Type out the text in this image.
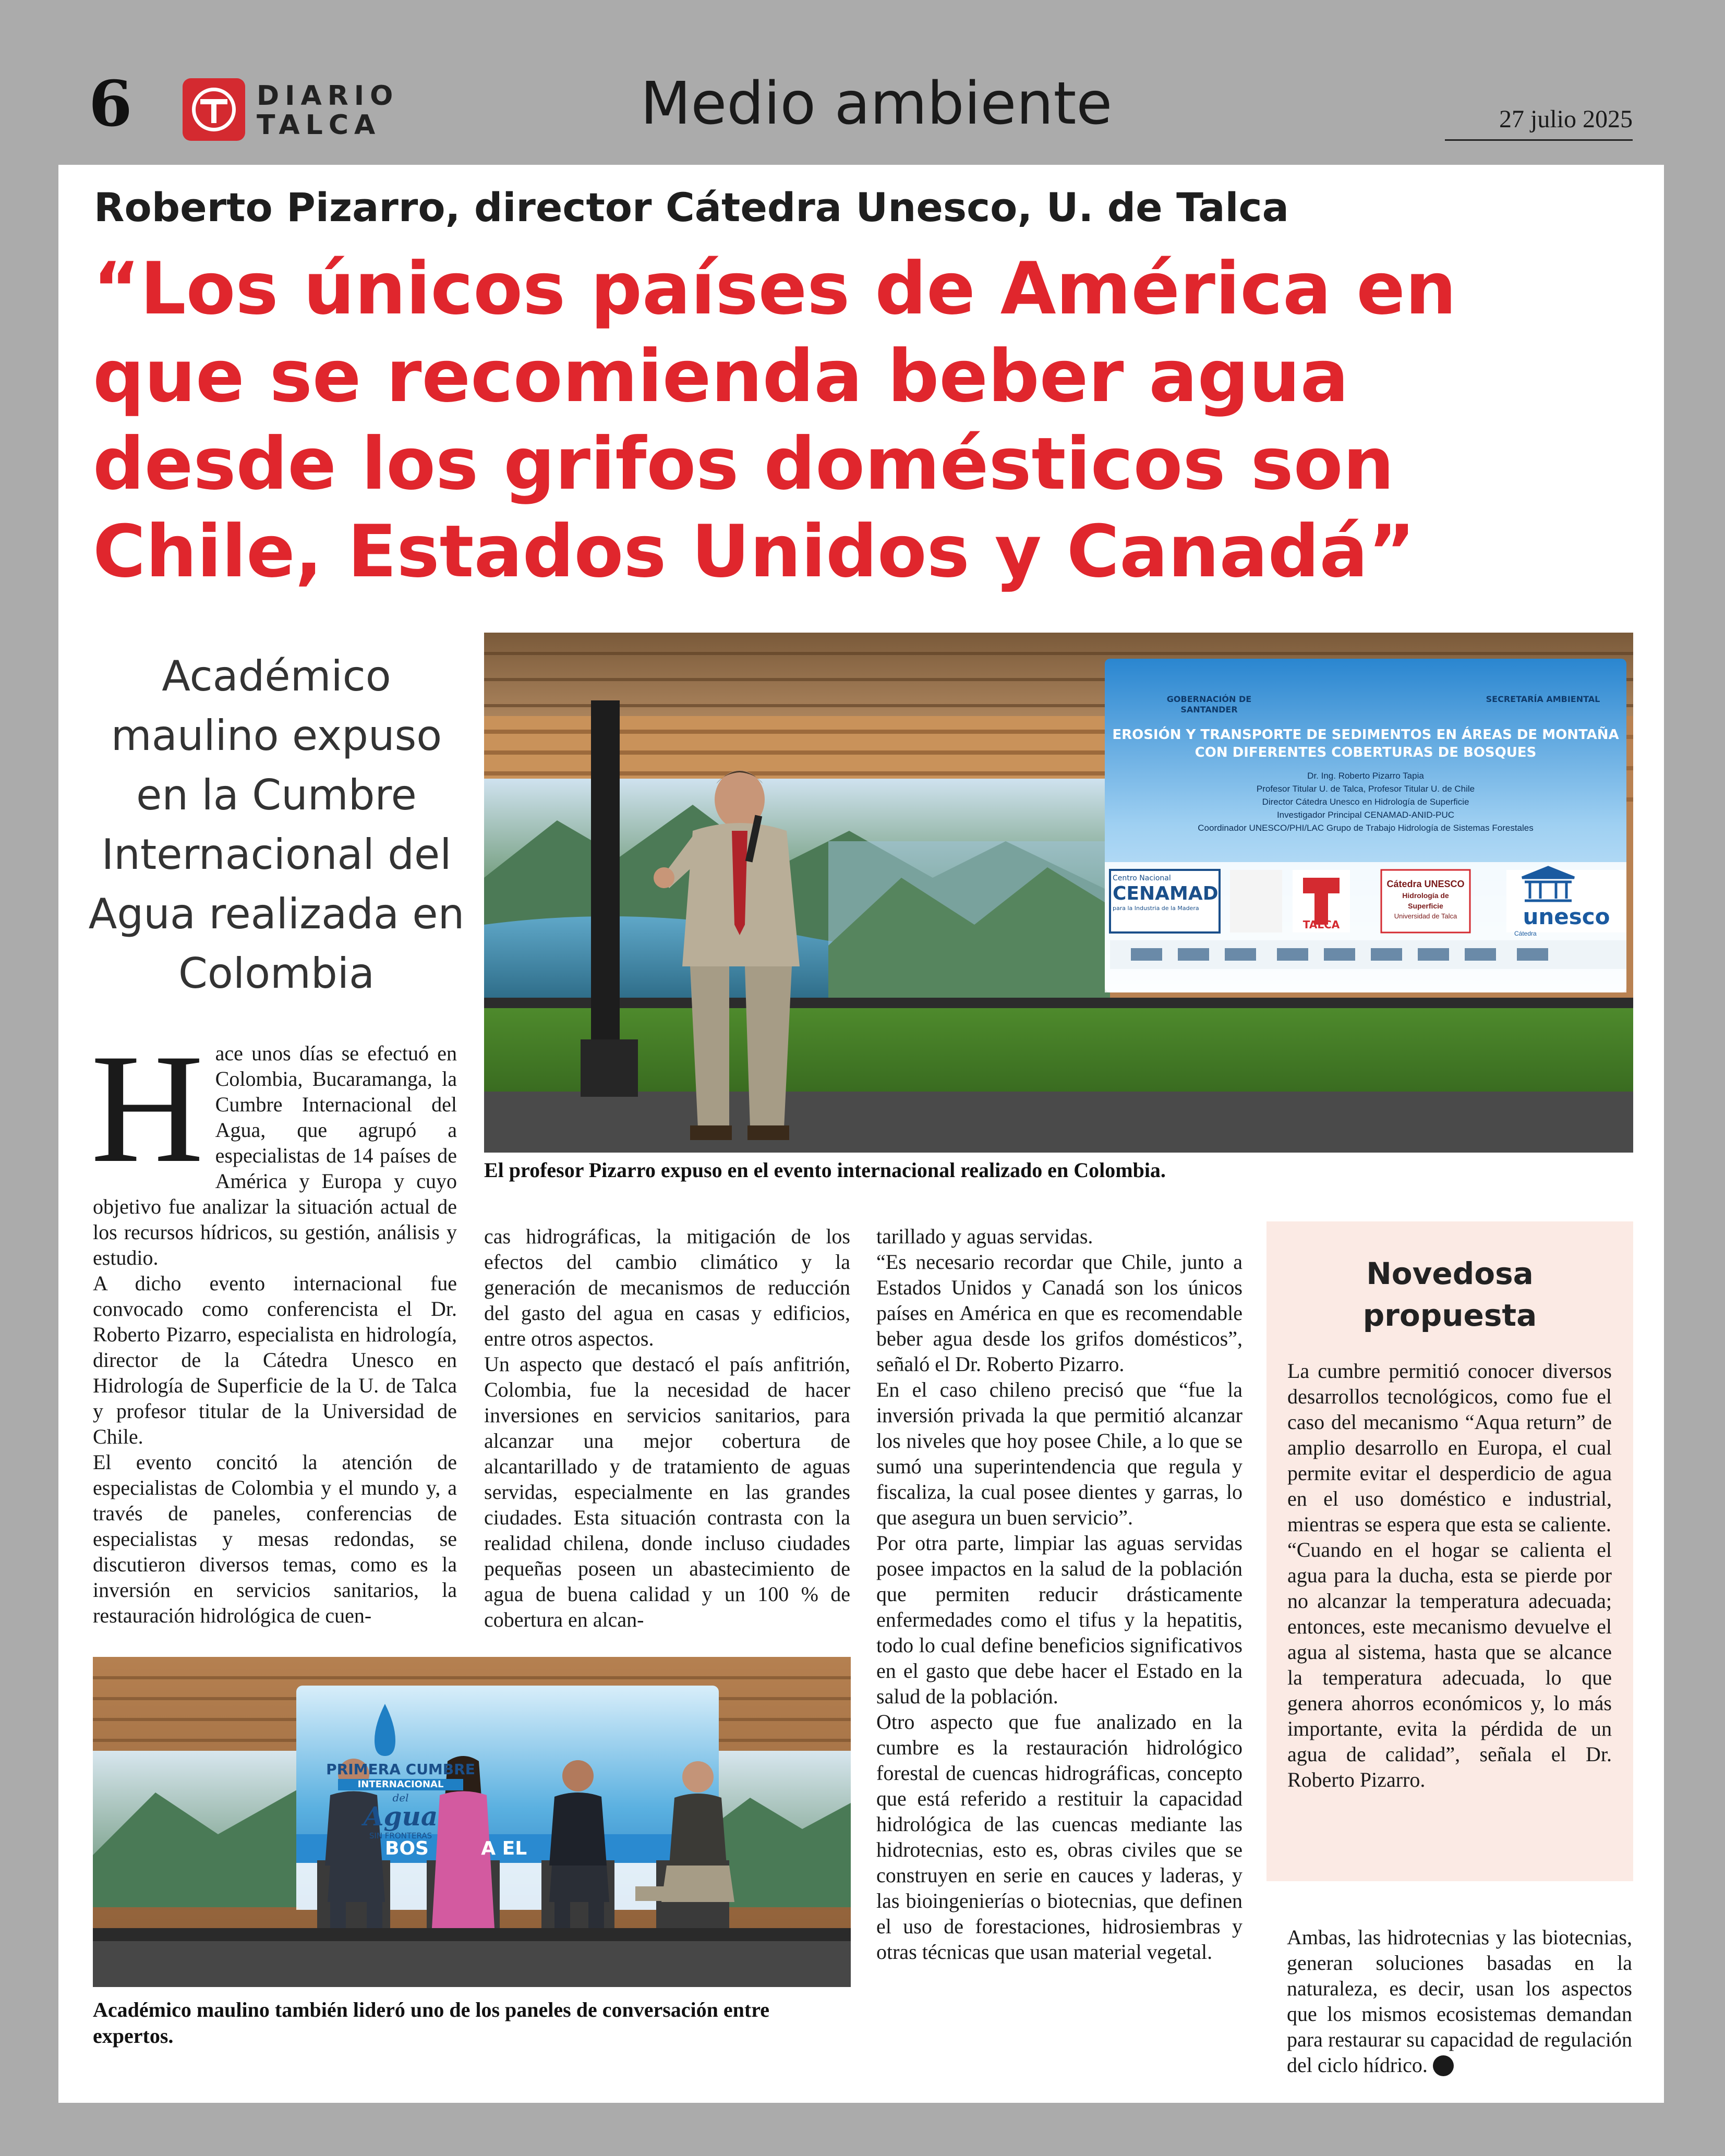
6	DIARIO
TALCA	Medio ambiente	27 julio 2025
Roberto Pizarro, director Cátedra Unesco, U. de Talca
“Los únicos países de América en que se recomienda beber agua desde los grifos domésticos son Chile, Estados Unidos y Canadá”
Académico maulino expuso en la Cumbre Internacional del Agua realizada en Colombia
GOBERNACIÓN DE SANTANDER
SECRETARÍA AMBIENTAL
EROSIÓN Y TRANSPORTE DE SEDIMENTOS EN ÁREAS DE MONTAÑA
CON DIFERENTES COBERTURAS DE BOSQUES
Dr. Ing. Roberto Pizarro Tapia
Profesor Titular U. de Talca, Profesor Titular U. de Chile
Director Cátedra Unesco en Hidrología de Superficie
Investigador Principal CENAMAD-ANID-PUC
Coordinador UNESCO/PHI/LAC Grupo de Trabajo Hidrología de Sistemas Forestales
Centro Nacional
CENAMAD
para la Industria de la Madera
TALCA
Cátedra UNESCO
Hidrología de Superficie
Universidad de Talca	unesco
Cátedra
El profesor Pizarro expuso en el evento internacional realizado en Colombia.
PRIMERA CUMBRE
INTERNACIONAL
del
Agua
SIN FRONTERAS
BOS        A EL
Académico maulino también lideró uno de los paneles de conversación entre expertos.
H ace unos días se efectuó en Colombia, Bucaramanga, la Cumbre Internacional del Agua, que agrupó a especialistas de 14 países de América y Europa y cuyo objetivo fue analizar la situación actual de los recursos hídricos, su gestión, análisis y estudio.

A dicho evento internacional fue convocado como conferencista el Dr. Roberto Pizarro, especialista en hidrología, director de la Cátedra Unesco en Hidrología de Superficie de la U. de Talca y profesor titular de la Universidad de Chile.

El evento concitó la atención de especialistas de Colombia y el mundo y, a través de paneles, conferencias de especialistas y mesas redondas, se discutieron diversos temas, como es la inversión en servicios sanitarios, la restauración hidrológica de cuen-

cas hidrográficas, la mitigación de los efectos del cambio climático y la generación de mecanismos de reducción del gasto del agua en casas y edificios, entre otros aspectos.

Un aspecto que destacó el país anfitrión, Colombia, fue la necesidad de hacer inversiones en servicios sanitarios, para alcanzar una mejor cobertura de alcantarillado y de tratamiento de aguas servidas, especialmente en las grandes ciudades. Esta situación contrasta con la realidad chilena, donde incluso ciudades pequeñas poseen un abastecimiento de agua de buena calidad y un 100 % de cobertura en alcan-

tarillado y aguas servidas.

“Es necesario recordar que Chile, junto a Estados Unidos y Canadá son los únicos países en América en que es recomendable beber agua desde los grifos domésticos”, señaló el Dr. Roberto Pizarro.

En el caso chileno precisó que “fue la inversión privada la que permitió alcanzar los niveles que hoy posee Chile, a lo que se sumó una superintendencia que regula y fiscaliza, la cual posee dientes y garras, lo que asegura un buen servicio”.

Por otra parte, limpiar las aguas servidas posee impactos en la salud de la población que permiten reducir drásticamente enfermedades como el tifus y la hepatitis, todo lo cual define beneficios significativos en el gasto que debe hacer el Estado en la salud de la población.

Otro aspecto que fue analizado en la cumbre es la restauración hidrológico forestal de cuencas hidrográficas, concepto que está referido a restituir la capacidad hidrológica de las cuencas mediante las hidrotecnias, esto es, obras civiles que se construyen en serie en cauces y laderas, y las bioingenierías o biotecnias, que definen el uso de forestaciones, hidrosiembras y otras técnicas que usan material vegetal.

Novedosa
propuesta

La cumbre permitió conocer diversos desarrollos tecnológicos, como fue el caso del mecanismo “Aqua return” de amplio desarrollo en Europa, el cual permite evitar el desperdicio de agua en el uso doméstico e industrial, mientras se espera que esta se caliente.

“Cuando en el hogar se calienta el agua para la ducha, esta se pierde por no alcanzar la temperatura adecuada; entonces, este mecanismo devuelve el agua al sistema, hasta que se alcance la temperatura adecuada, lo que genera ahorros económicos y, lo más importante, evita la pérdida de un agua de calidad”, señala el Dr. Roberto Pizarro.

Ambas, las hidrotecnias y las biotecnias, generan soluciones basadas en la naturaleza, es decir, usan los aspectos que los mismos ecosistemas demandan para restaurar su capacidad de regulación del ciclo hídrico.
